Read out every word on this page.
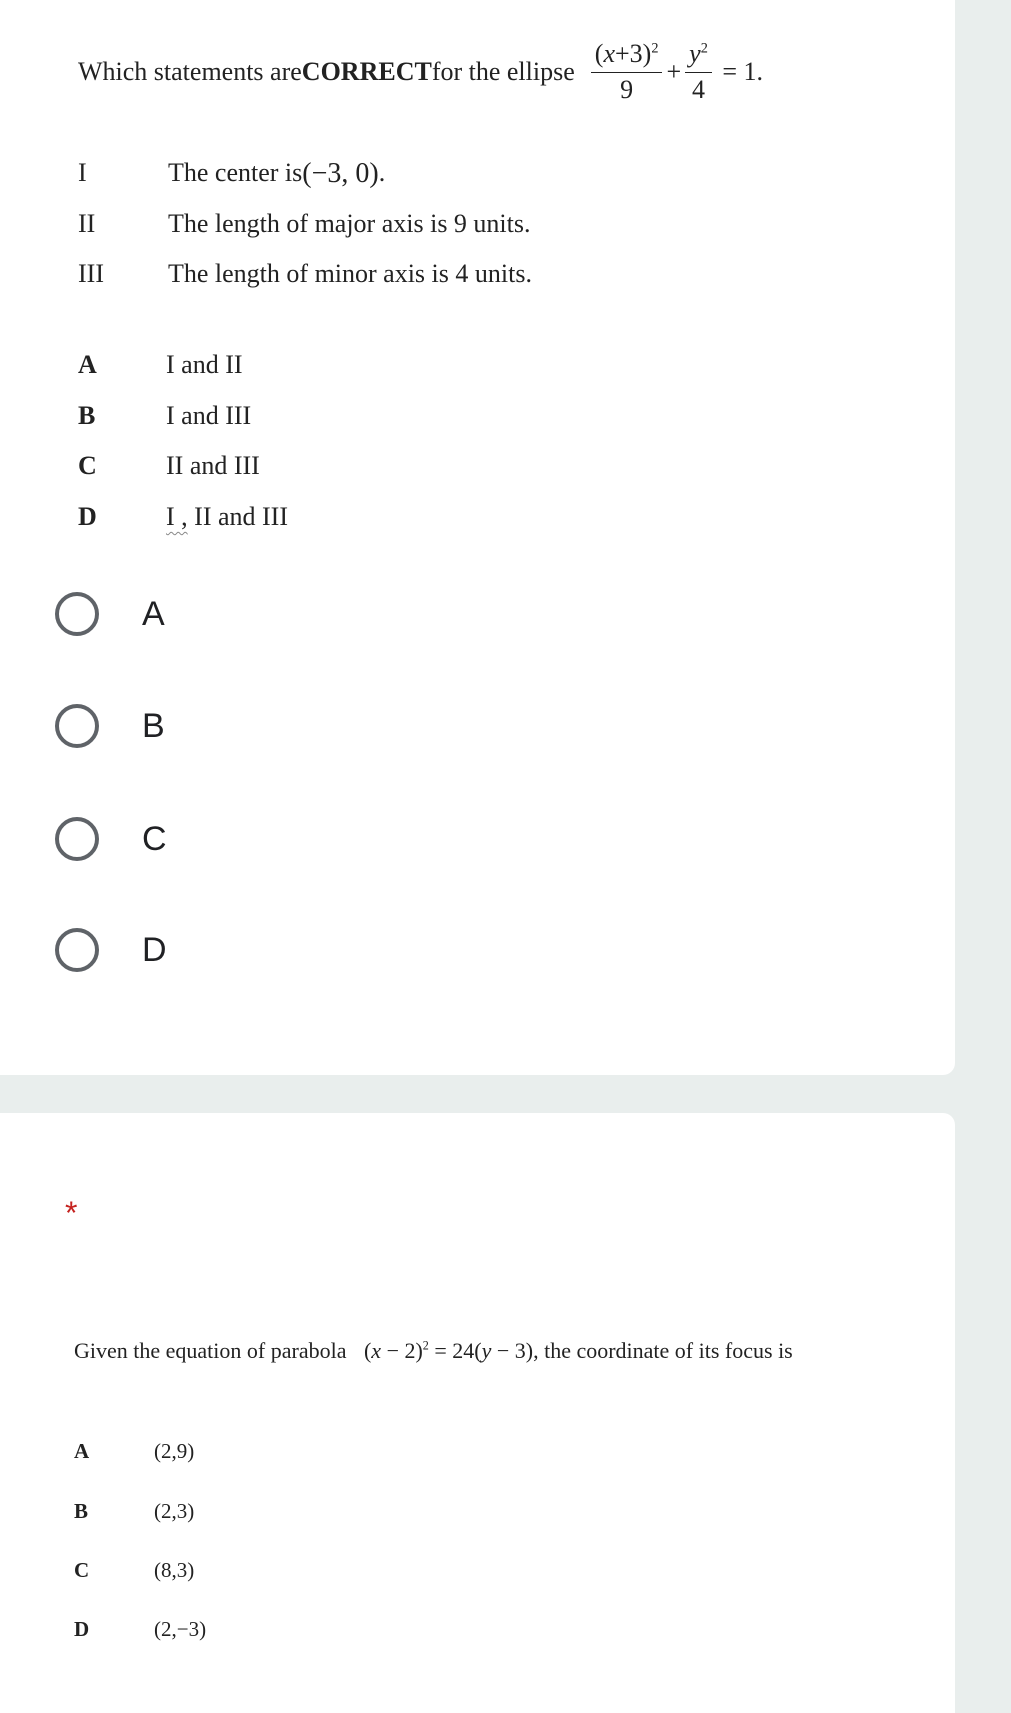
Which statements are CORRECT for the ellipse $\frac{(x+3)^2}{9} + \frac{y^2}{4} = 1$.
I	The center is (−3, 0) .
II	The length of major axis is 9 units.
III	The length of minor axis is 4 units.
A	I and II
B	I and III
C	II and III
D	I , II and III
A
B
C
D
*
Given the equation of parabola $(x - 2)^2 = 24(y - 3)$, the coordinate of its focus is
A	(2,9)
B	(2,3)
C	(8,3)
D	(2,−3)
